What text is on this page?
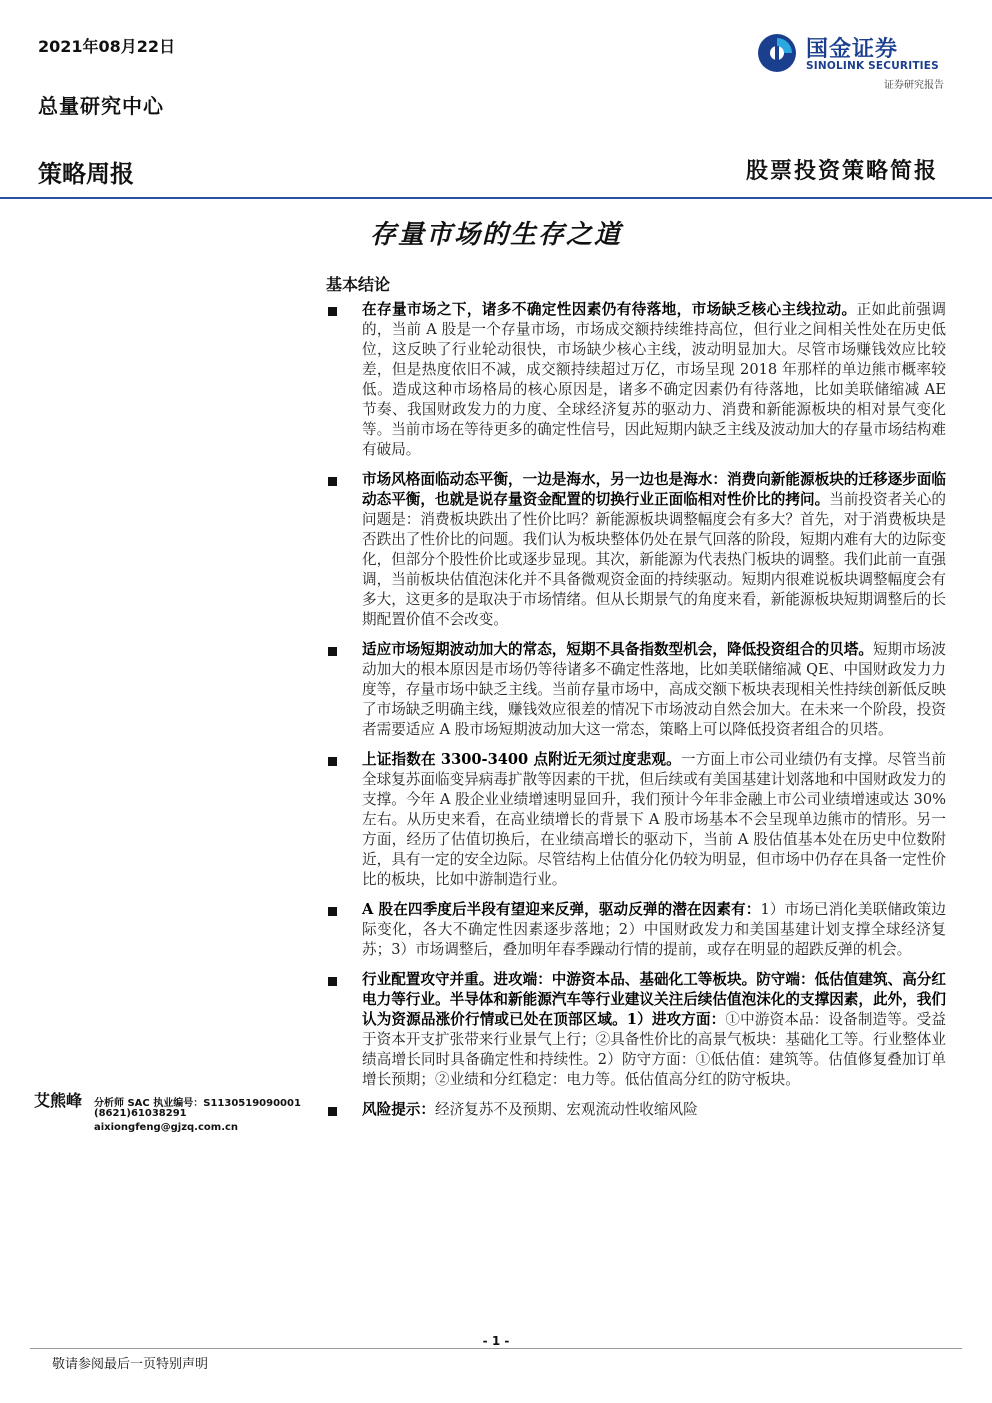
2021年08月22日
总量研究中心
国金证券
SINOLINK SECURITIES
证券研究报告
策略周报	股票投资策略简报
存量市场的生存之道
基本结论
在存量市场之下，诸多不确定性因素仍有待落地，市场缺乏核心主线拉动。正如此前强调的，当前 A 股是一个存量市场，市场成交额持续维持高位，但行业之间相关性处在历史低位，这反映了行业轮动很快，市场缺少核心主线，波动明显加大。尽管市场赚钱效应比较差，但是热度依旧不减，成交额持续超过万亿，市场呈现 2018 年那样的单边熊市概率较低。造成这种市场格局的核心原因是，诸多不确定因素仍有待落地，比如美联储缩减 AE 节奏、我国财政发力的力度、全球经济复苏的驱动力、消费和新能源板块的相对景气变化等。当前市场在等待更多的确定性信号，因此短期内缺乏主线及波动加大的存量市场结构难有破局。
市场风格面临动态平衡，一边是海水，另一边也是海水：消费向新能源板块的迁移逐步面临动态平衡，也就是说存量资金配置的切换行业正面临相对性价比的拷问。当前投资者关心的问题是：消费板块跌出了性价比吗？新能源板块调整幅度会有多大？首先，对于消费板块是否跌出了性价比的问题。我们认为板块整体仍处在景气回落的阶段，短期内难有大的边际变化，但部分个股性价比或逐步显现。其次，新能源为代表热门板块的调整。我们此前一直强调，当前板块估值泡沫化并不具备微观资金面的持续驱动。短期内很难说板块调整幅度会有多大，这更多的是取决于市场情绪。但从长期景气的角度来看，新能源板块短期调整后的长期配置价值不会改变。
适应市场短期波动加大的常态，短期不具备指数型机会，降低投资组合的贝塔。短期市场波动加大的根本原因是市场仍等待诸多不确定性落地，比如美联储缩减 QE、中国财政发力力度等，存量市场中缺乏主线。当前存量市场中，高成交额下板块表现相关性持续创新低反映了市场缺乏明确主线，赚钱效应很差的情况下市场波动自然会加大。在未来一个阶段，投资者需要适应 A 股市场短期波动加大这一常态，策略上可以降低投资者组合的贝塔。
上证指数在 3300-3400 点附近无须过度悲观。一方面上市公司业绩仍有支撑。尽管当前全球复苏面临变异病毒扩散等因素的干扰，但后续或有美国基建计划落地和中国财政发力的支撑。今年 A 股企业业绩增速明显回升，我们预计今年非金融上市公司业绩增速或达 30%左右。从历史来看，在高业绩增长的背景下 A 股市场基本不会呈现单边熊市的情形。另一方面，经历了估值切换后，在业绩高增长的驱动下，当前 A 股估值基本处在历史中位数附近，具有一定的安全边际。尽管结构上估值分化仍较为明显，但市场中仍存在具备一定性价比的板块，比如中游制造行业。
A 股在四季度后半段有望迎来反弹，驱动反弹的潜在因素有：1）市场已消化美联储政策边际变化，各大不确定性因素逐步落地；2）中国财政发力和美国基建计划支撑全球经济复苏；3）市场调整后，叠加明年春季躁动行情的提前，或存在明显的超跌反弹的机会。
行业配置攻守并重。进攻端：中游资本品、基础化工等板块。防守端：低估值建筑、高分红电力等行业。半导体和新能源汽车等行业建议关注后续估值泡沫化的支撑因素，此外，我们认为资源品涨价行情或已处在顶部区域。1）进攻方面：①中游资本品：设备制造等。受益于资本开支扩张带来行业景气上行；②具备性价比的高景气板块：基础化工等。行业整体业绩高增长同时具备确定性和持续性。2）防守方面：①低估值：建筑等。估值修复叠加订单增长预期；②业绩和分红稳定：电力等。低估值高分红的防守板块。
风险提示：经济复苏不及预期、宏观流动性收缩风险
艾熊峰 分析师 SAC 执业编号：S1130519090001
(8621)61038291
aixiongfeng@gjzq.com.cn
- 1 -
敬请参阅最后一页特别声明
